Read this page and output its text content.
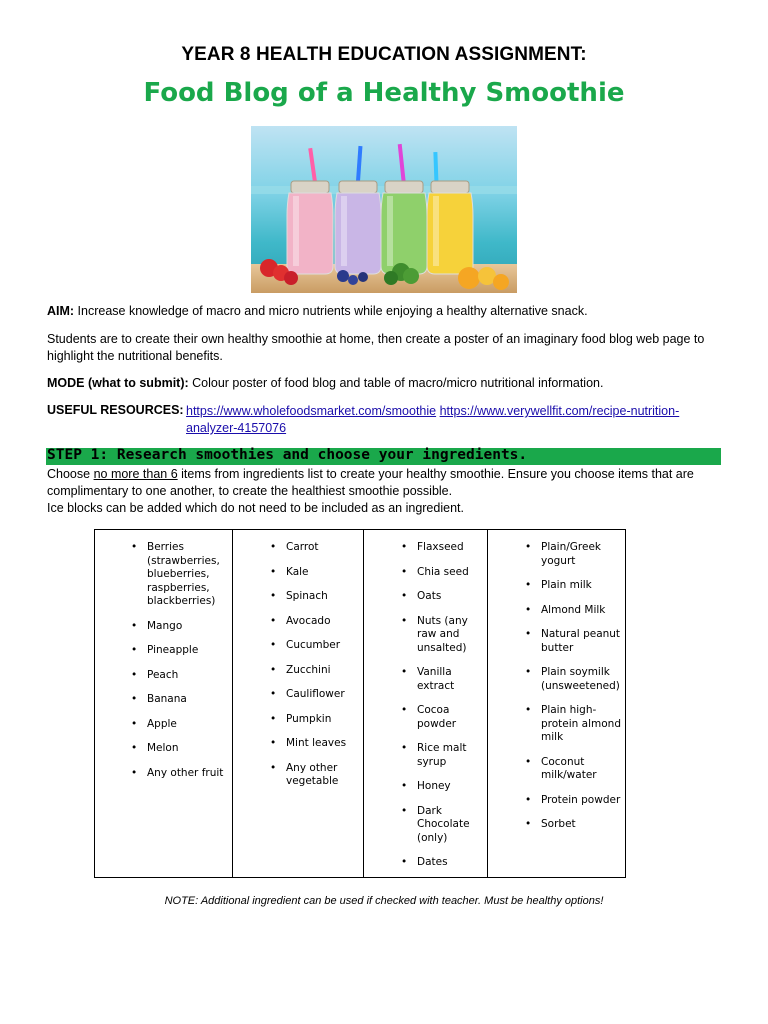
YEAR 8 HEALTH EDUCATION ASSIGNMENT:
Food Blog of a Healthy Smoothie
AIM: Increase knowledge of macro and micro nutrients while enjoying a healthy alternative snack.
Students are to create their own healthy smoothie at home, then create a poster of an imaginary food blog web page to highlight the nutritional benefits.
MODE (what to submit): Colour poster of food blog and table of macro/micro nutritional information.
USEFUL RESOURCES: https://www.wholefoodsmarket.com/smoothie https://www.verywellfit.com/recipe-nutrition-analyzer-4157076
STEP 1: Research smoothies and choose your ingredients.
Choose no more than 6 items from ingredients list to create your healthy smoothie. Ensure you choose items that are complimentary to one another, to create the healthiest smoothie possible.
Ice blocks can be added which do not need to be included as an ingredient.
• Berries (strawberries, blueberries, raspberries, blackberries)
• Mango
• Pineapple
• Peach
• Banana
• Apple
• Melon
• Any other fruit
• Carrot
• Kale
• Spinach
• Avocado
• Cucumber
• Zucchini
• Cauliflower
• Pumpkin
• Mint leaves
• Any other vegetable
• Flaxseed
• Chia seed
• Oats
• Nuts (any raw and unsalted)
• Vanilla extract
• Cocoa powder
• Rice malt syrup
• Honey
• Dark Chocolate (only)
• Dates
• Plain/Greek yogurt
• Plain milk
• Almond Milk
• Natural peanut butter
• Plain soymilk (unsweetened)
• Plain high-protein almond milk
• Coconut milk/water
• Protein powder
• Sorbet
NOTE: Additional ingredient can be used if checked with teacher. Must be healthy options!
